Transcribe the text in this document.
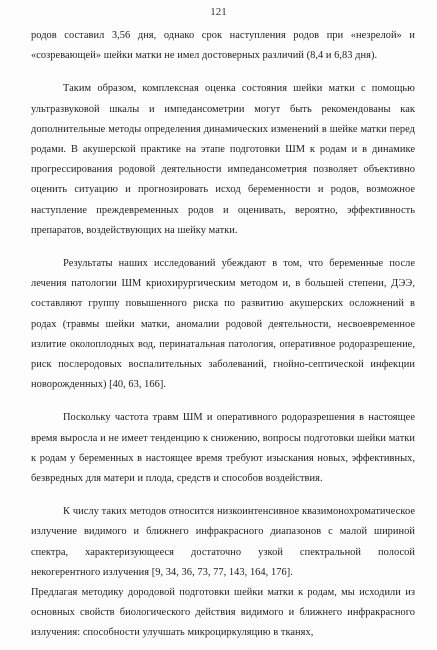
121

родов составил 3,56 дня, однако срок наступления родов при «незрелой» и «созревающей» шейки матки не имел достоверных различий (8,4 и 6,83 дня).

Таким образом, комплексная оценка состояния шейки матки с помощью ультразвуковой шкалы и импедансометрии могут быть рекомендованы как дополнительные методы определения динамических изменений в шейке матки перед родами. В акушерской практике на этапе подготовки ШМ к родам и в динамике прогрессирования родовой деятельности импедансометрия позволяет объективно оценить ситуацию и прогнозировать исход беременности и родов, возможное наступление преждевременных родов и оценивать, вероятно, эффективность препаратов, воздействующих на шейку матки.

Результаты наших исследований убеждают в том, что беременные после лечения патологии ШМ криохирургическим методом и, в большей степени, ДЭЭ, составляют группу повышенного риска по развитию акушерских осложнений в родах (травмы шейки матки, аномалии родовой деятельности, несвоевременное излитие околоплодных вод, перинатальная патология, оперативное родоразрешение, риск послеродовых воспалительных заболеваний, гнойно-септической инфекции новорожденных) [40, 63, 166].

Поскольку частота травм ШМ и оперативного родоразрешения в настоящее время выросла и не имеет тенденцию к снижению, вопросы подготовки шейки матки к родам у беременных в настоящее время требуют изыскания новых, эффективных, безвредных для матери и плода, средств и способов воздействия.

К числу таких методов относится низкоинтенсивное квазимонохроматическое излучение видимого и ближнего инфракрасного диапазонов с малой шириной спектра, характеризующееся достаточно узкой спектральной полосой некогерентного излучения [9, 34, 36, 73, 77, 143, 164, 176].

Предлагая методику дородовой подготовки шейки матки к родам, мы исходили из основных свойств биологического действия видимого и ближнего инфракрасного излучения: способности улучшать микроциркуляцию в тканях,
